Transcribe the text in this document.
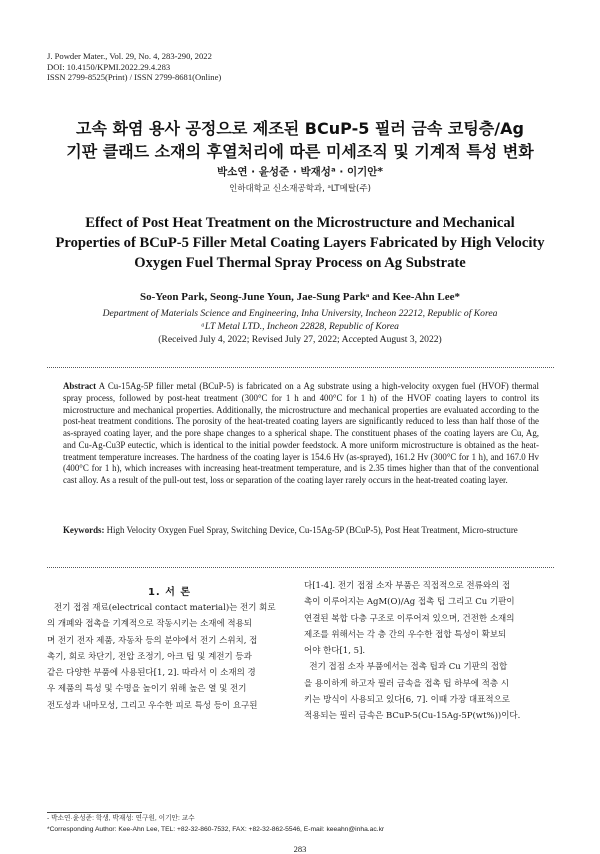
J. Powder Mater., Vol. 29, No. 4, 283-290, 2022
DOI: 10.4150/KPMI.2022.29.4.283
ISSN 2799-8525(Print) / ISSN 2799-8681(Online)
고속 화염 용사 공정으로 제조된 BCuP-5 필러 금속 코팅층/Ag
기판 클래드 소재의 후열처리에 따른 미세조직 및 기계적 특성 변화
박소연 · 윤성준 · 박재성ᵃ · 이기안*
인하대학교 신소재공학과, ᵃLT메탈(주)
Effect of Post Heat Treatment on the Microstructure and Mechanical
Properties of BCuP-5 Filler Metal Coating Layers Fabricated by High Velocity
Oxygen Fuel Thermal Spray Process on Ag Substrate
So-Yeon Park, Seong-June Youn, Jae-Sung Parkᵃ and Kee-Ahn Lee*
Department of Materials Science and Engineering, Inha University, Incheon 22212, Republic of Korea
ᵃLT Metal LTD., Incheon 22828, Republic of Korea
(Received July 4, 2022; Revised July 27, 2022; Accepted August 3, 2022)
Abstract A Cu-15Ag-5P filler metal (BCuP-5) is fabricated on a Ag substrate using a high-velocity oxygen fuel (HVOF) thermal spray process, followed by post-heat treatment (300°C for 1 h and 400°C for 1 h) of the HVOF coating layers to control its microstructure and mechanical properties. Additionally, the microstructure and mechanical properties are evaluated according to the post-heat treatment conditions. The porosity of the heat-treated coating layers are significantly reduced to less than half those of the as-sprayed coating layer, and the pore shape changes to a spherical shape. The constituent phases of the coating layers are Cu, Ag, and Cu-Ag-Cu3P eutectic, which is identical to the initial powder feedstock. A more uniform microstructure is obtained as the heat-treatment temperature increases. The hardness of the coating layer is 154.6 Hv (as-sprayed), 161.2 Hv (300°C for 1 h), and 167.0 Hv (400°C for 1 h), which increases with increasing heat-treatment temperature, and is 2.35 times higher than that of the conventional cast alloy. As a result of the pull-out test, loss or separation of the coating layer rarely occurs in the heat-treated coating layer.
Keywords: High Velocity Oxygen Fuel Spray, Switching Device, Cu-15Ag-5P (BCuP-5), Post Heat Treatment, Micro-structure
1. 서 론
전기 접점 재료(electrical contact material)는 전기 회로
의 개폐와 접촉을 기계적으로 작동시키는 소재에 적용되
며 전기 전자 제품, 자동차 등의 분야에서 전기 스위치, 접
촉기, 회로 차단기, 전압 조정기, 아크 팁 및 계전기 등과
같은 다양한 부품에 사용된다[1, 2]. 따라서 이 소재의 경
우 제품의 특성 및 수명을 높이기 위해 높은 열 및 전기
전도성과 내마모성, 그리고 우수한 피로 특성 등이 요구된
다[1-4]. 전기 접점 소자 부품은 직접적으로 전류와의 접
촉이 이루어지는 AgM(O)/Ag 접촉 팁 그리고 Cu 기판이
연결된 복합 다층 구조로 이루어져 있으며, 건전한 소재의
제조를 위해서는 각 층 간의 우수한 접합 특성이 확보되
어야 한다[1, 5].
전기 접점 소자 부품에서는 접촉 팁과 Cu 기판의 접합
을 용이하게 하고자 필러 금속을 접촉 팁 하부에 적층 시
키는 방식이 사용되고 있다[6, 7]. 이때 가장 대표적으로
적용되는 필러 금속은 BCuP-5(Cu-15Ag-5P(wt%))이다.
- 박소연·윤성준: 학생, 박재성: 연구원, 이기안: 교수
*Corresponding Author: Kee-Ahn Lee, TEL: +82-32-860-7532, FAX: +82-32-862-5546, E-mail: keeahn@inha.ac.kr
283
